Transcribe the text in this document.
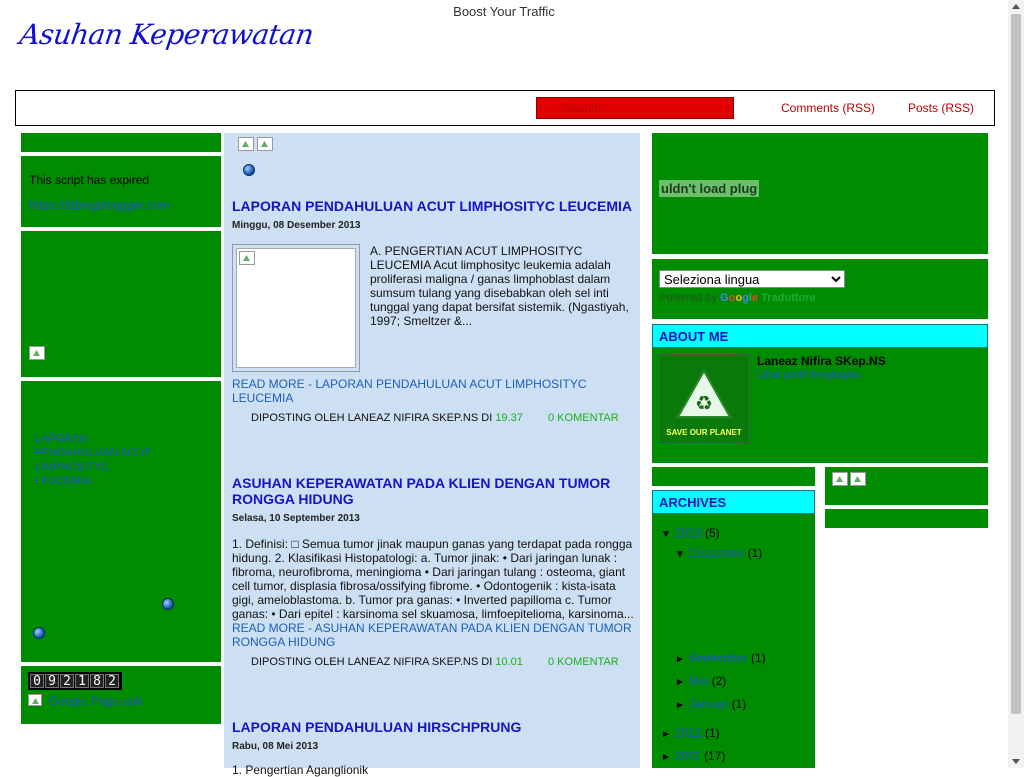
Boost Your Traffic
Asuhan Keperawatan
Search...	Comments (RSS)	Posts (RSS)
This script has expired
https://tdblogbloggger.com
0 9 2 1 8 2
Google Pagerank
LAPORAN PENDAHULUAN ACUT LIMPHOSITYC LEUCEMIA
Minggu, 08 Desember 2013
A. PENGERTIAN ACUT LIMPHOSITYC LEUCEMIA Acut limphosityc leukemia adalah proliferasi maligna / ganas limphoblast dalam sumsum tulang yang disebabkan oleh sel inti tunggal yang dapat bersifat sistemik. (Ngastiyah, 1997; Smeltzer &...
READ MORE - LAPORAN PENDAHULUAN ACUT LIMPHOSITYC LEUCEMIA
DIPOSTING OLEH LANEAZ NIFIRA SKEP.NS DI 19.37 0 KOMENTAR
ASUHAN KEPERAWATAN PADA KLIEN DENGAN TUMOR RONGGA HIDUNG
Selasa, 10 September 2013
1. Definisi: □ Semua tumor jinak maupun ganas yang terdapat pada rongga hidung. 2. Klasifikasi Histopatologi: a. Tumor jinak: • Dari jaringan lunak : fibroma, neurofibroma, meningioma • Dari jaringan tulang : osteoma, giant cell tumor, displasia fibrosa/ossifying fibrome. • Odontogenik : kista-isata gigi, ameloblastoma. b. Tumor pra ganas: • Inverted papilloma c. Tumor ganas: • Dari epitel : karsinoma sel skuamosa, limfoepitelioma, karsinoma...
READ MORE - ASUHAN KEPERAWATAN PADA KLIEN DENGAN TUMOR RONGGA HIDUNG
DIPOSTING OLEH LANEAZ NIFIRA SKEP.NS DI 10.01 0 KOMENTAR
LAPORAN PENDAHULUAN HIRSCHPRUNG
Rabu, 08 Mei 2013
1. Pengertian Aganglionik
uldn't load plug
Seleziona lingua
Powered by Google Traduttore
ABOUT ME
♻
SAVE OUR PLANET
Laneaz Nifira SKep.NS
Lihat profil lengkapku
ARCHIVES
▼ 2013 (5)
▼ Desember (1)
LAPORAN PENDAHULUAN ACUT LIMPHOSITYC LEUCEMIA
► September (1)
► Mei (2)
► Januari (1)
► 2012 (1)
► 2011 (17)
